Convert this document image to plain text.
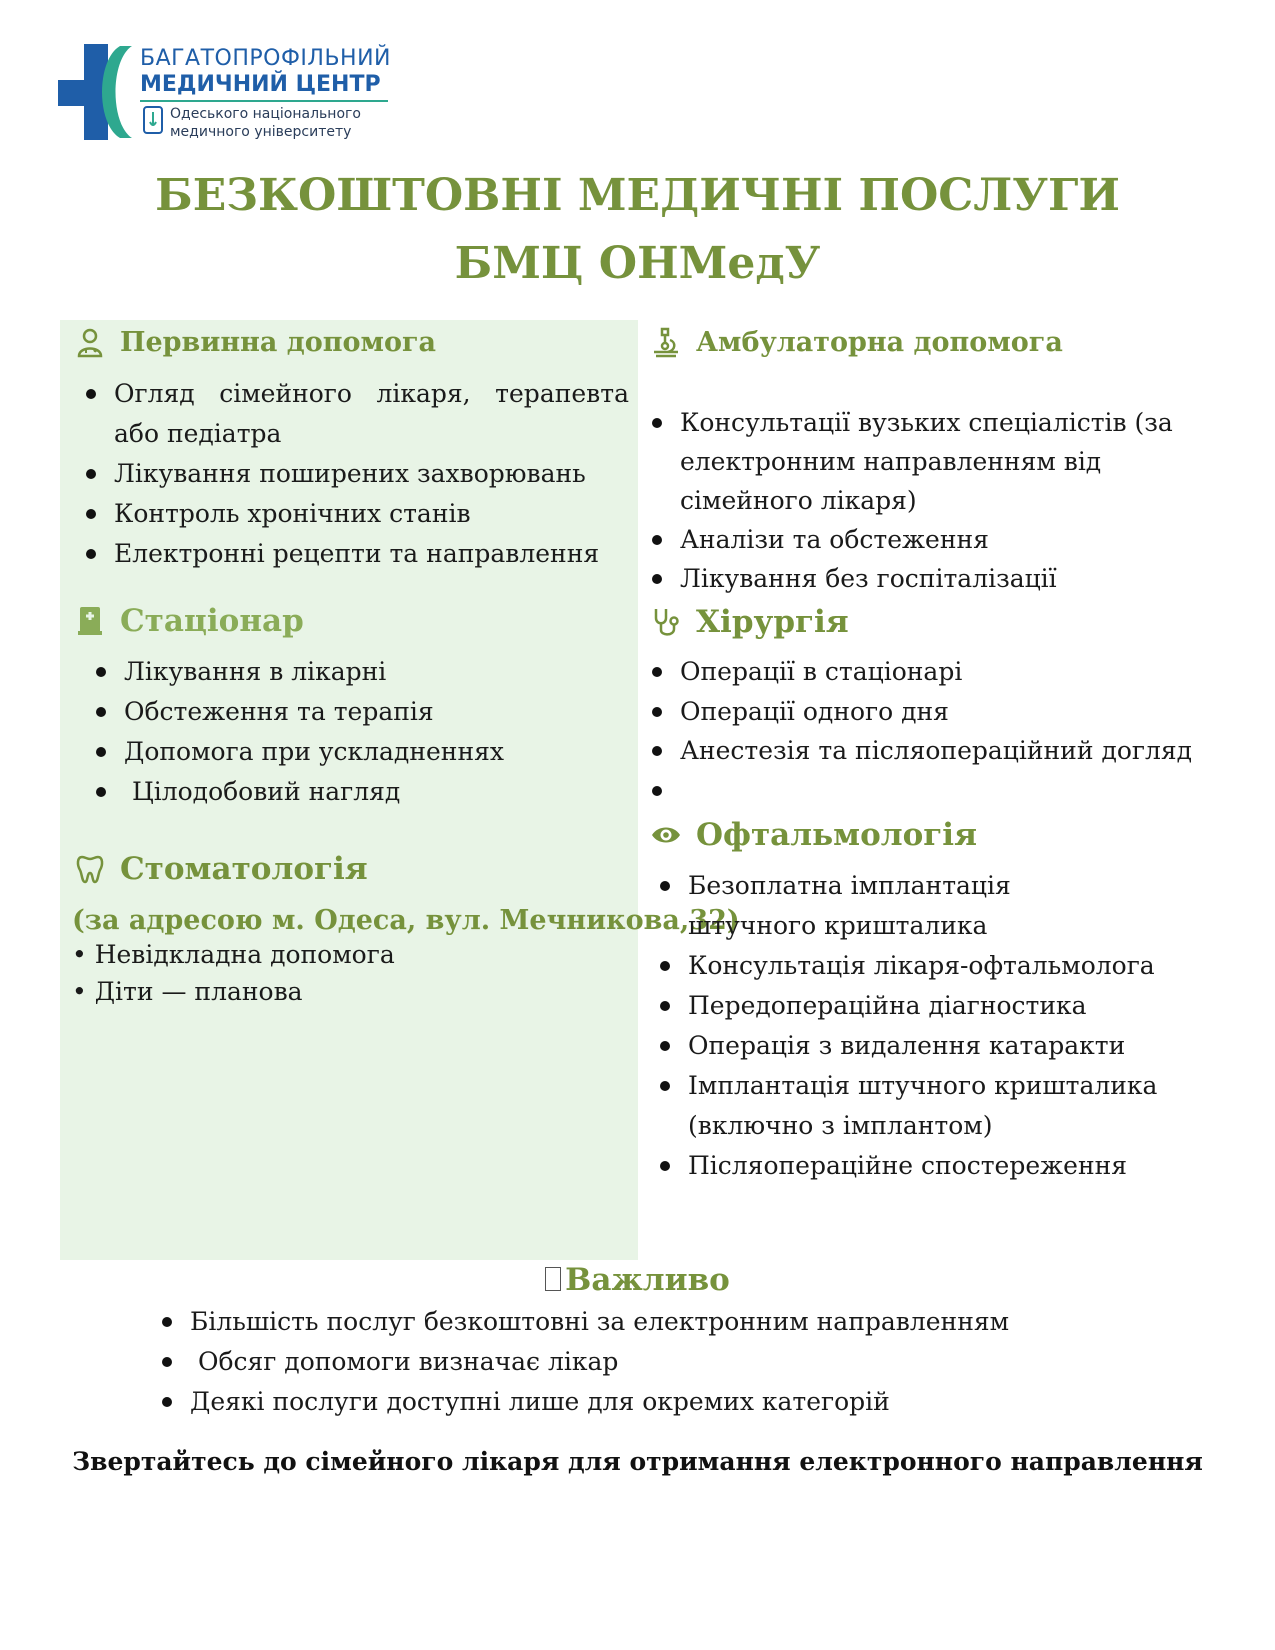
БАГАТОПРОФІЛЬНИЙ
МЕДИЧНИЙ ЦЕНТР
Одеського національного
медичного університету
БЕЗКОШТОВНІ МЕДИЧНІ ПОСЛУГИ
БМЦ ОНМедУ
Первинна допомога
Огляд сімейного лікаря, терапевта або педіатра
Лікування поширених захворювань
Контроль хронічних станів
Електронні рецепти та направлення
Стаціонар
Лікування в лікарні
Обстеження та терапія
Допомога при ускладненнях
Цілодобовий нагляд
Стоматологія
(за адресою м. Одеса, вул. Мечникова,32)
• Невідкладна допомога
• Діти — планова
Амбулаторна допомога
Консультації вузьких спеціалістів (за електронним направленням від сімейного лікаря)
Аналізи та обстеження
Лікування без госпіталізації
Хірургія
Операції в стаціонарі
Операції одного дня
Анестезія та післяопераційний догляд
Офтальмологія
Безоплатна імплантація штучного кришталика
Консультація лікаря-офтальмолога
Передопераційна діагностика
Операція з видалення катаракти
Імплантація штучного кришталика (включно з імплантом)
Післяопераційне спостереження
Важливо
Більшість послуг безкоштовні за електронним направленням
Обсяг допомоги визначає лікар
Деякі послуги доступні лише для окремих категорій
Звертайтесь до сімейного лікаря для отримання електронного направлення
